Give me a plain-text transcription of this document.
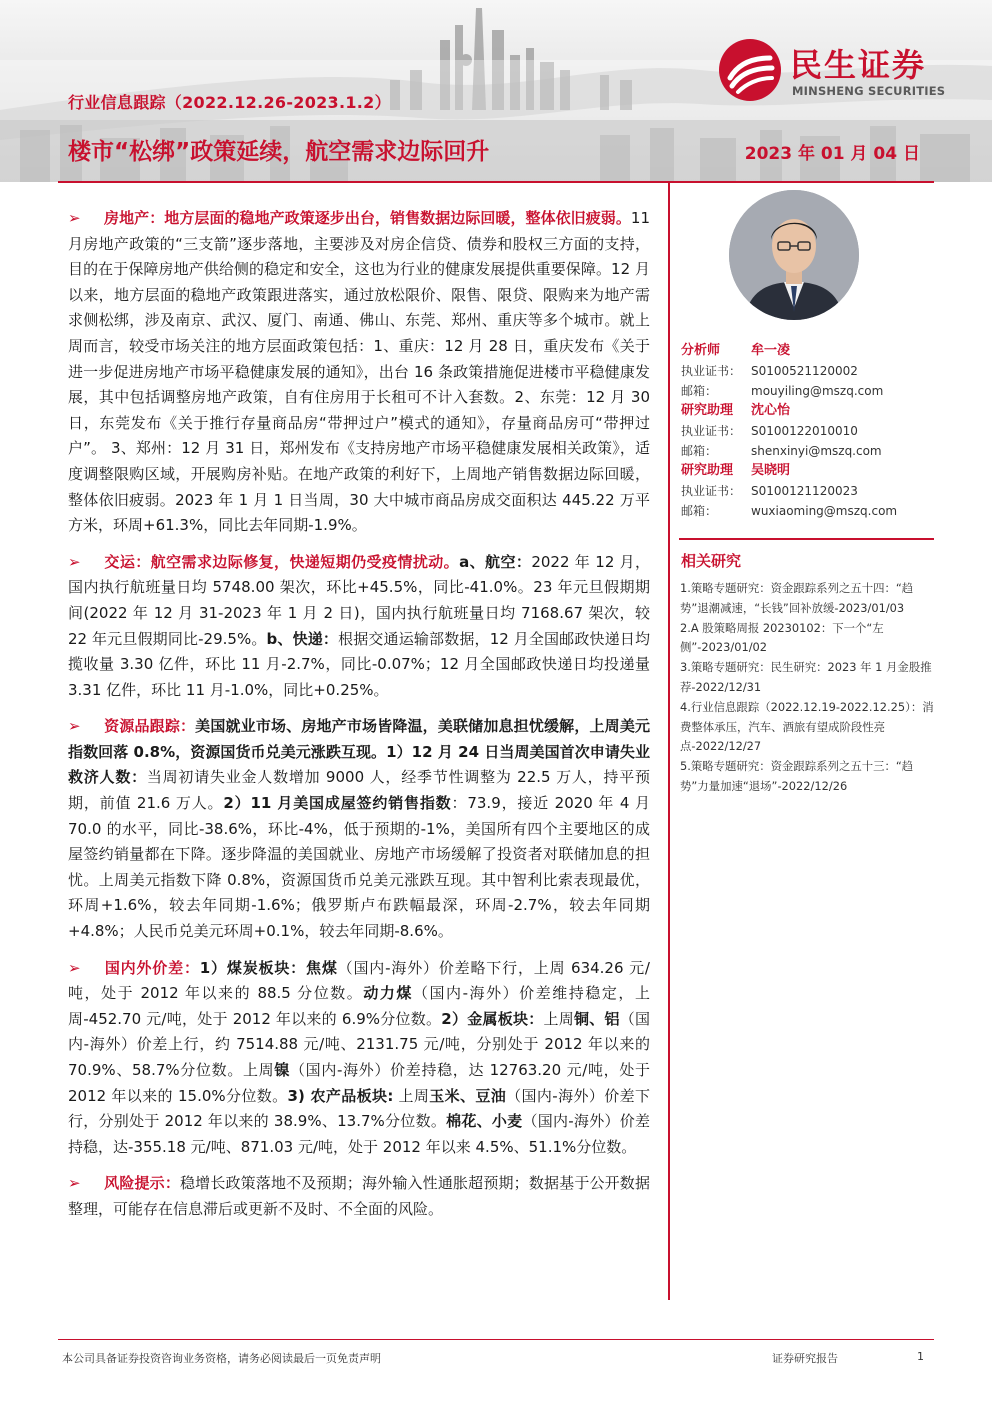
民生证券
MINSHENG SECURITIES
行业信息跟踪（2022.12.26-2023.1.2）
楼市“松绑”政策延续，航空需求边际回升	2023 年 01 月 04 日

➢ 房地产：地方层面的稳地产政策逐步出台，销售数据边际回暖，整体依旧疲弱。11 月房地产政策的“三支箭”逐步落地，主要涉及对房企信贷、债券和股权三方面的支持，目的在于保障房地产供给侧的稳定和安全，这也为行业的健康发展提供重要保障。12 月以来，地方层面的稳地产政策跟进落实，通过放松限价、限售、限贷、限购来为地产需求侧松绑，涉及南京、武汉、厦门、南通、佛山、东莞、郑州、重庆等多个城市。就上周而言，较受市场关注的地方层面政策包括：1、重庆：12 月 28 日，重庆发布《关于进一步促进房地产市场平稳健康发展的通知》，出台 16 条政策措施促进楼市平稳健康发展，其中包括调整房地产政策，自有住房用于长租可不计入套数。2、东莞：12 月 30 日，东莞发布《关于推行存量商品房“带押过户”模式的通知》，存量商品房可“带押过户”。 3、郑州：12 月 31 日，郑州发布《支持房地产市场平稳健康发展相关政策》，适度调整限购区域，开展购房补贴。在地产政策的利好下，上周地产销售数据边际回暖，整体依旧疲弱。2023 年 1 月 1 日当周，30 大中城市商品房成交面积达 445.22 万平方米，环周+61.3%，同比去年同期-1.9%。

➢ 交运：航空需求边际修复，快递短期仍受疫情扰动。a、航空：2022 年 12 月，国内执行航班量日均 5748.00 架次，环比+45.5%，同比-41.0%。23 年元旦假期期间(2022 年 12 月 31-2023 年 1 月 2 日)，国内执行航班量日均 7168.67 架次，较 22 年元旦假期同比-29.5%。b、快递：根据交通运输部数据，12 月全国邮政快递日均揽收量 3.30 亿件，环比 11 月-2.7%，同比-0.07%；12 月全国邮政快递日均投递量 3.31 亿件，环比 11 月-1.0%，同比+0.25%。

➢ 资源品跟踪：美国就业市场、房地产市场皆降温，美联储加息担忧缓解，上周美元指数回落 0.8%，资源国货币兑美元涨跌互现。1）12 月 24 日当周美国首次申请失业救济人数：当周初请失业金人数增加 9000 人，经季节性调整为 22.5 万人，持平预期，前值 21.6 万人。2）11 月美国成屋签约销售指数：73.9，接近 2020 年 4 月 70.0 的水平，同比-38.6%，环比-4%，低于预期的-1%，美国所有四个主要地区的成屋签约销量都在下降。逐步降温的美国就业、房地产市场缓解了投资者对联储加息的担忧。上周美元指数下降 0.8%，资源国货币兑美元涨跌互现。其中智利比索表现最优，环周+1.6%，较去年同期-1.6%；俄罗斯卢布跌幅最深，环周-2.7%，较去年同期+4.8%；人民币兑美元环周+0.1%，较去年同期-8.6%。

➢ 国内外价差：1）煤炭板块：焦煤（国内-海外）价差略下行，上周 634.26 元/吨，处于 2012 年以来的 88.5 分位数。动力煤（国内-海外）价差维持稳定，上周-452.70 元/吨，处于 2012 年以来的 6.9%分位数。2）金属板块：上周铜、铝（国内-海外）价差上行，约 7514.88 元/吨、2131.75 元/吨，分别处于 2012 年以来的 70.9%、58.7%分位数。上周镍（国内-海外）价差持稳，达 12763.20 元/吨，处于 2012 年以来的 15.0%分位数。3) 农产品板块: 上周玉米、豆油（国内-海外）价差下行，分别处于 2012 年以来的 38.9%、13.7%分位数。棉花、小麦（国内-海外）价差持稳，达-355.18 元/吨、871.03 元/吨，处于 2012 年以来 4.5%、51.1%分位数。

➢ 风险提示：稳增长政策落地不及预期；海外输入性通胀超预期；数据基于公开数据整理，可能存在信息滞后或更新不及时、不全面的风险。

分析师 牟一凌
执业证书： S0100521120002
邮箱：	mouyiling@mszq.com
研究助理 沈心怡
执业证书： S0100122010010
邮箱：	shenxinyi@mszq.com
研究助理 吴晓明
执业证书： S0100121120023
邮箱：	wuxiaoming@mszq.com
相关研究
1.策略专题研究：资金跟踪系列之五十四：“趋势”退潮减速，“长钱”回补放缓-2023/01/03
2.A 股策略周报 20230102：下一个“左侧”-2023/01/02
3.策略专题研究：民生研究：2023 年 1 月金股推荐-2022/12/31
4.行业信息跟踪（2022.12.19-2022.12.25）：消费整体承压，汽车、酒旅有望成阶段性亮点-2022/12/27
5.策略专题研究：资金跟踪系列之五十三：“趋势”力量加速“退场”-2022/12/26
本公司具备证券投资咨询业务资格，请务必阅读最后一页免责声明	证券研究报告	1
